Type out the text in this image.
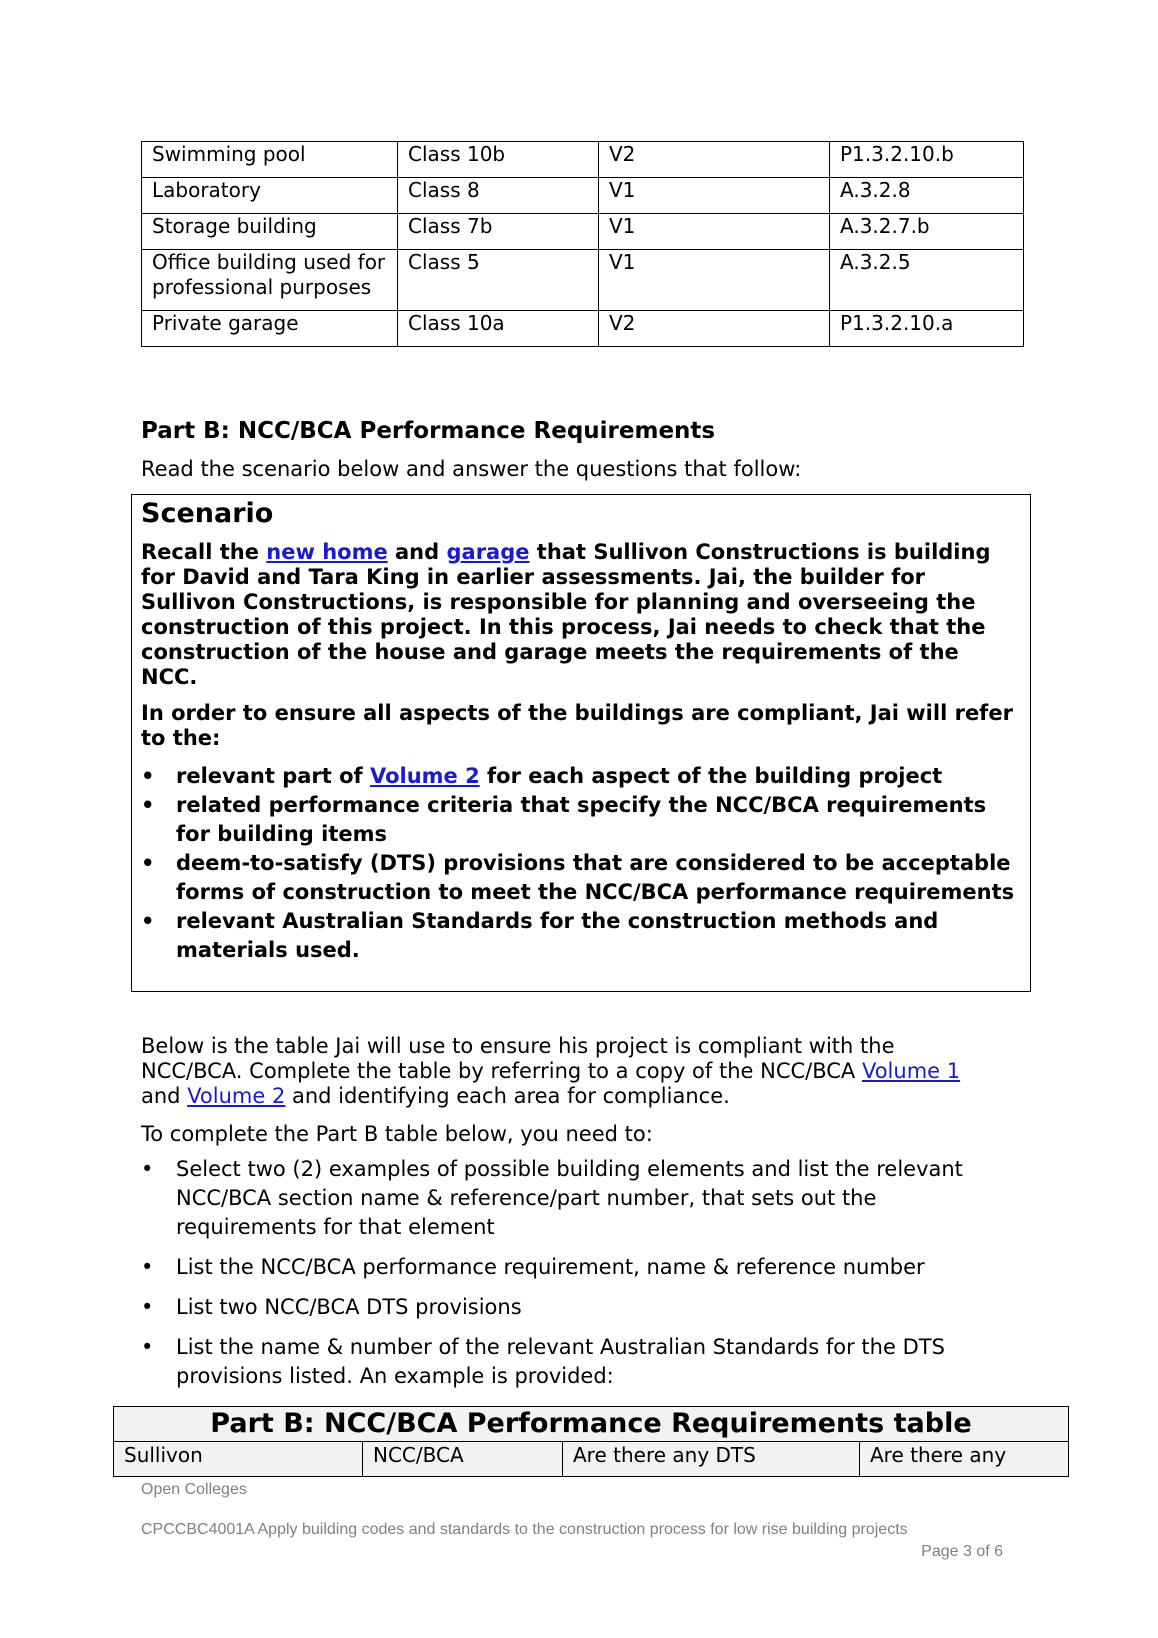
Swimming pool	Class 10b	V2	P1.3.2.10.b
Laboratory	Class 8	V1	A.3.2.8
Storage building	Class 7b	V1	A.3.2.7.b
Office building used for professional purposes	Class 5	V1	A.3.2.5
Private garage	Class 10a	V2	P1.3.2.10.a
Part B: NCC/BCA Performance Requirements

Read the scenario below and answer the questions that follow:

Scenario

Recall the new home and garage that Sullivon Constructions is building for David and Tara King in earlier assessments. Jai, the builder for Sullivon Constructions, is responsible for planning and overseeing the construction of this project. In this process, Jai needs to check that the construction of the house and garage meets the requirements of the NCC.

In order to ensure all aspects of the buildings are compliant, Jai will refer to the:

• relevant part of Volume 2 for each aspect of the building project
• related performance criteria that specify the NCC/BCA requirements for building items
• deem-to-satisfy (DTS) provisions that are considered to be acceptable forms of construction to meet the NCC/BCA performance requirements
• relevant Australian Standards for the construction methods and materials used.

Below is the table Jai will use to ensure his project is compliant with the NCC/BCA. Complete the table by referring to a copy of the NCC/BCA Volume 1 and Volume 2 and identifying each area for compliance.

To complete the Part B table below, you need to:

• Select two (2) examples of possible building elements and list the relevant NCC/BCA section name & reference/part number, that sets out the requirements for that element
• List the NCC/BCA performance requirement, name & reference number
• List two NCC/BCA DTS provisions
• List the name & number of the relevant Australian Standards for the DTS provisions listed. An example is provided:
Part B: NCC/BCA Performance Requirements table
Sullivon	NCC/BCA	Are there any DTS	Are there any

Open Colleges

CPCCBC4001A Apply building codes and standards to the construction process for low rise building projects

Page 3 of 6
